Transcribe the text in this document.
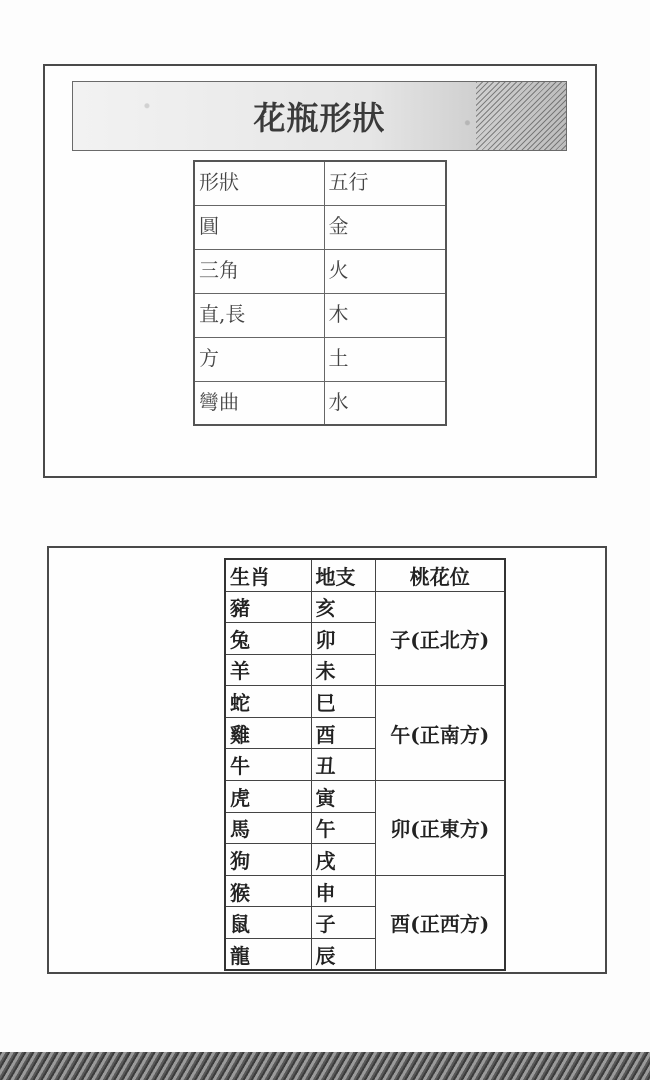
花瓶形狀
形狀	五行
圓	金
三角	火
直,長	木
方	土
彎曲	水
生肖	地支	桃花位
豬	亥	子(正北方)
兔	卯	
羊	未	
蛇	巳	午(正南方)
雞	酉	
牛	丑	
虎	寅	卯(正東方)
馬	午	
狗	戌	
猴	申	酉(正西方)
鼠	子	
龍	辰	
